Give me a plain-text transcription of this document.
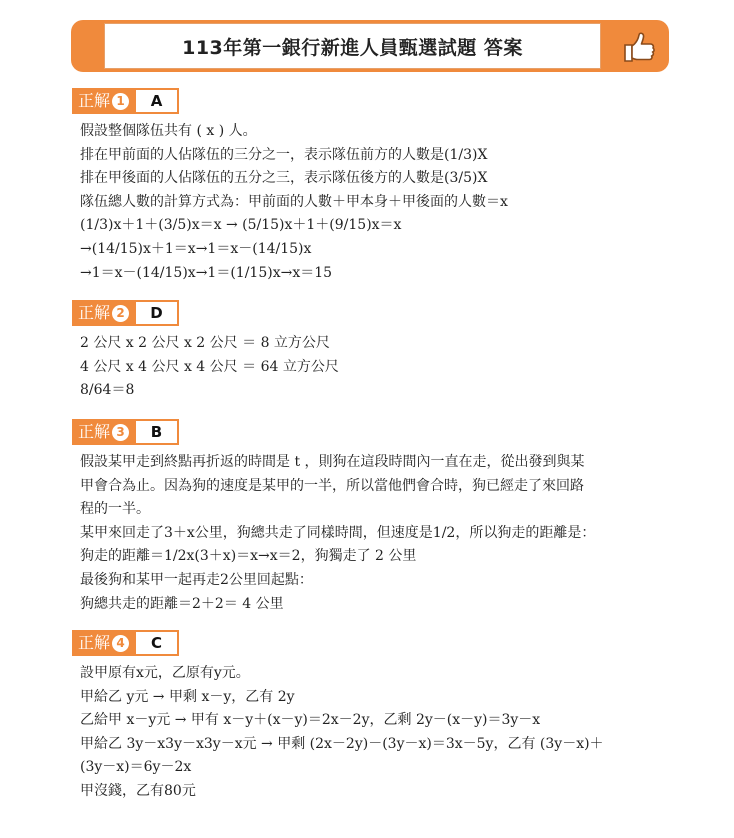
113年第一銀行新進人員甄選試題 答案
正解 1	A
假設整個隊伍共有 ( x ) 人。
排在甲前面的人佔隊伍的三分之一，表示隊伍前方的人數是(1/3)X
排在甲後面的人佔隊伍的五分之三，表示隊伍後方的人數是(3/5)X
隊伍總人數的計算方式為：甲前面的人數＋甲本身＋甲後面的人數＝x
(1/3)x＋1＋(3/5)x＝x → (5/15)x＋1＋(9/15)x＝x
→(14/15)x＋1＝x→1＝x－(14/15)x
→1＝x－(14/15)x→1＝(1/15)x→x＝15
正解 2	D
2 公尺 x 2 公尺 x 2 公尺 ＝ 8 立方公尺
4 公尺 x 4 公尺 x 4 公尺 ＝ 64 立方公尺
8/64＝8
正解 3	B
假設某甲走到終點再折返的時間是 t ，則狗在這段時間內一直在走，從出發到與某
甲會合為止。因為狗的速度是某甲的一半，所以當他們會合時，狗已經走了來回路
程的一半。
某甲來回走了3＋x公里，狗總共走了同樣時間，但速度是1/2，所以狗走的距離是：
狗走的距離＝1/2x(3＋x)＝x→x＝2，狗獨走了 2 公里
最後狗和某甲一起再走2公里回起點：
狗總共走的距離＝2＋2＝ 4 公里
正解 4	C
設甲原有x元，乙原有y元。
甲給乙 y元 → 甲剩 x－y，乙有 2y
乙給甲 x－y元 → 甲有 x－y＋(x－y)＝2x－2y，乙剩 2y－(x－y)＝3y－x
甲給乙 3y－x3y－x3y－x元 → 甲剩 (2x－2y)－(3y－x)＝3x－5y，乙有 (3y－x)＋
(3y－x)＝6y－2x
甲沒錢，乙有80元
